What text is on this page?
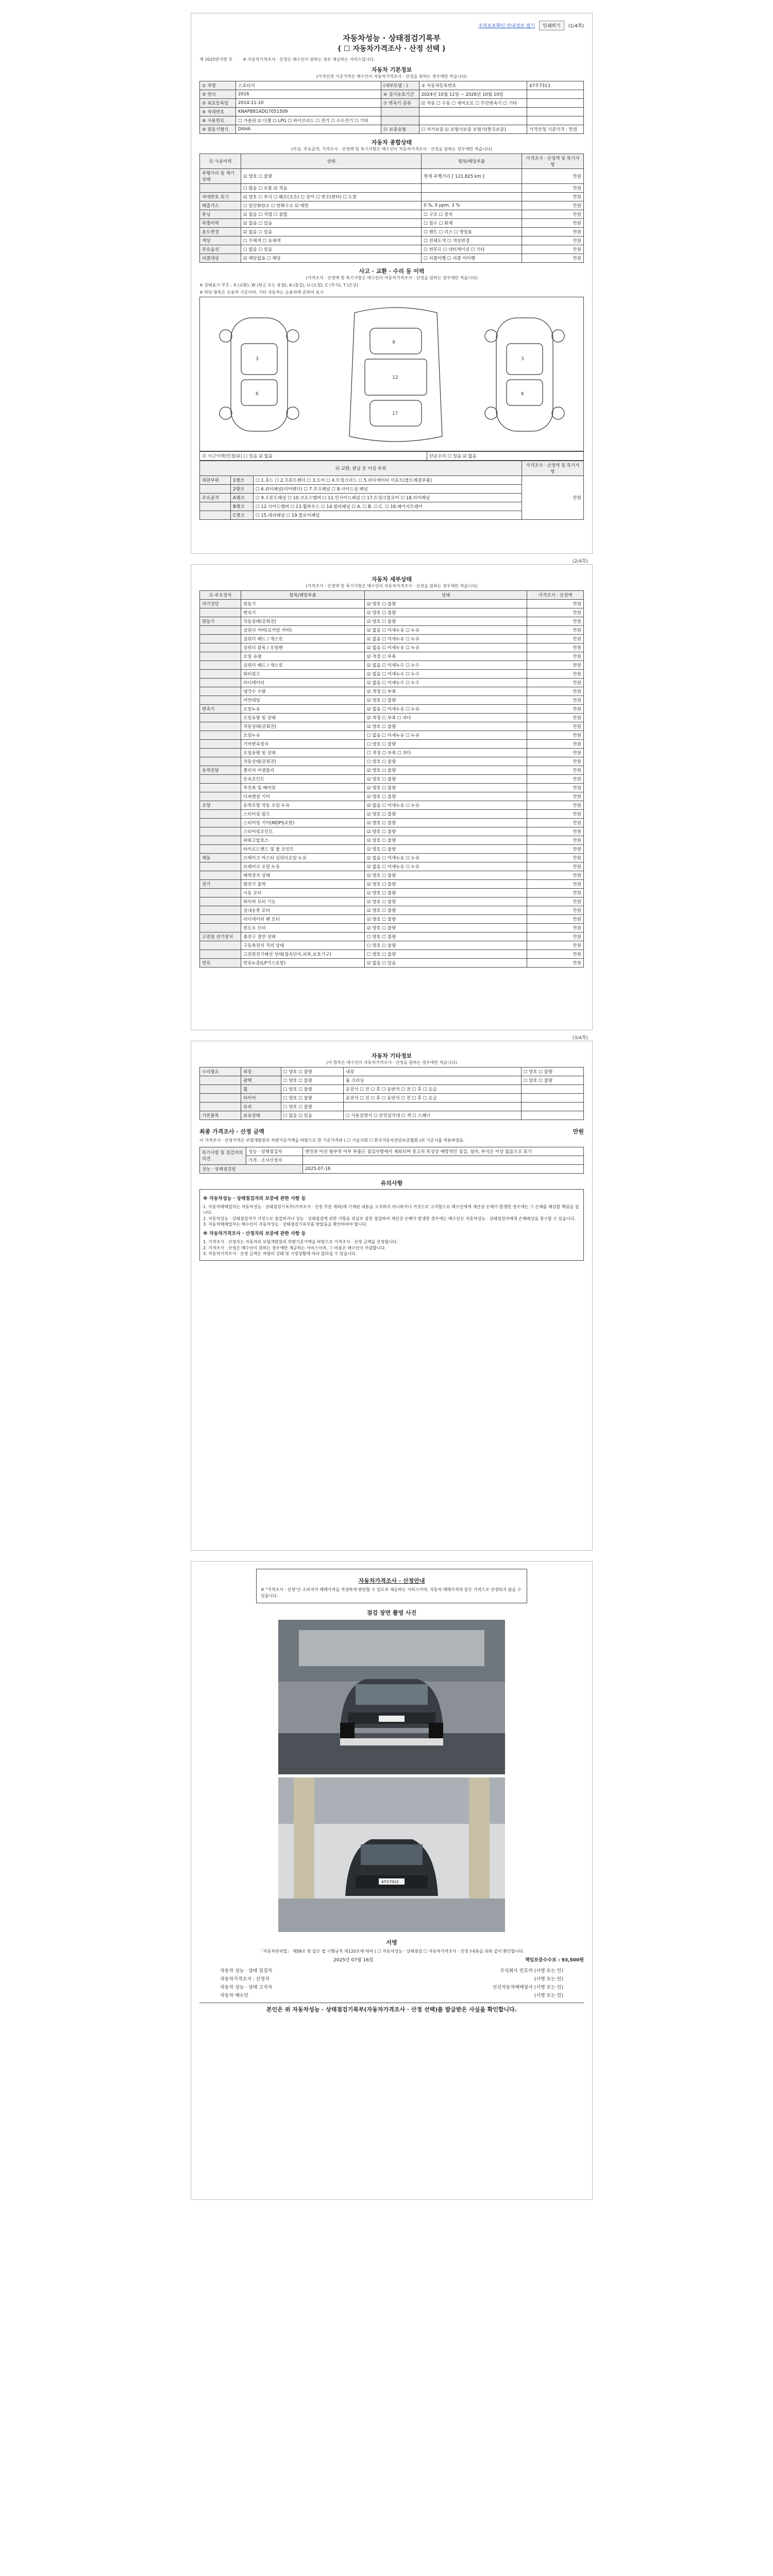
주의표표확인 안내정보 열기	인쇄하기	(1/4쪽)
자동차성능 · 상태점검기록부
( ☐ 자동차가격조사 · 산정 선택 )
제 2025번지번 호	※ 자동차가격조사 · 산정은 매수인이 원하는 경우 제공하는 서비스입니다.
자동차 기본정보
(가격산정 기준가격은 매수인이 자동차가격조사 · 산정을 원하는 경우에만 적습니다)
① 차명	스포티지	(세부모델 : )	② 자동차등록번호	47루7313
③ 연식	2016	④ 검사유효기간	2024년 10월 11일 ~ 2026년 10월 10일	
⑤ 최초등록일	2014-11-10	⑦ 변속기 종류	☑ 자동 ☐ 수동 ☐ 세미오토 ☐ 무단변속기 ☐ 기타	
⑥ 차대번호	KNAPB81ADG7051509			
⑧ 사용연료	☐ 가솔린 ☑ 디젤 ☐ LPG ☐ 하이브리드 ☐ 전기 ☐ 수소전기 ☐ 기타			
⑩ 원동기형식	D4HA	⑪ 보증유형	☐ 자가보증 ☑ 보험사보증 보험사(한국보증)	가격산정 기준가격 : 만원
자동차 종합상태
(부상, 주요골격, 가격조사 · 산정액 및 특기사항은 매수인이 자동차가격조사 · 산정을 원하는 경우에만 적습니다)
⑫ 사용이력	상태	항목/해당부품	가격조사 · 산정액 및 특기사항
주행거리 및 계기상태	☑ 양호 ☐ 불량	현재 주행거리 [ 121,825 km ]	만원
	☐ 많음 ☐ 보통 ☑ 적음		만원
차대번호 표기	☑ 양호 ☐ 부식 ☐ 훼손(오손) ☐ 상이 ☐ 변조(변타) ☐ 도말		만원
배출가스	☐ 일산화탄소 ☐ 탄화수소 ☑ 매연	0 %, 0 ppm, 3 %	만원
튜닝	☑ 없음 ☐ 적법 ☐ 불법	☐ 구조 ☐ 장치	만원
특별이력	☑ 없음 ☐ 있음	☐ 침수 ☐ 화재	만원
용도변경	☑ 없음 ☐ 있음	☐ 렌트 ☐ 리스 ☐ 영업용	만원
색상	☐ 무채색 ☐ 유채색	☐ 전체도색 ☐ 색상변경	만원
주요옵션	☐ 없음 ☐ 있음	☐ 썬루프 ☐ 네비게이션 ☐ 기타	만원
리콜대상	☑ 해당없음 ☐ 해당	☐ 리콜이행 ☐ 리콜 미이행	만원
사고 · 교환 · 수리 등 이력
(가격조사 · 산정액 및 특기사항은 매수인이 자동차가격조사 · 산정을 원하는 경우에만 적습니다)
※ 상태표시 부호 : X (교환), W (판금 또는 용접), A (흠집), U (요철), C (부식), T (손상)
※ 하단 항목은 승용차 기준이며, 기타 자동차는 승용차에 준하여 표시
3
6
9
12
17
3
6
⑬ 사고이력(인정/유) ☐ 있음 ☑ 없음	단순수리 ☐ 있음 ☑ 없음
⑭ 교환, 판금 등 이상 부위			가격조사 · 산정액 및 특기사항
외판부위	1랭크	☐ 1.후드 ☐ 2.프론트펜더 ☐ 3.도어 ☐ 4.트렁크리드 ☐ 5.라디에이터 서포트(볼트체결부품)	만원
	2랭크	☐ 6.쿼터패널(리어펜더) ☐ 7.루프패널 ☐ 8.사이드실 패널	
주요골격	A랭크	☐ 9.프론트패널 ☐ 10.크로스멤버 ☐ 11.인사이드패널 ☐ 17.트렁크플로어 ☐ 18.리어패널	
	B랭크	☐ 12.사이드멤버 ☐ 13.휠하우스 ☐ 14.필러패널 ☐ A. ☐ B. ☐ C. ☐ 16.패키지트레이	
	C랭크	☐ 15.대쉬패널 ☐ 19.플로어패널	
(2/4쪽)
자동차 세부상태
(가격조사 · 산정액 및 특기사항은 매수인이 자동차가격조사 · 산정을 원하는 경우에만 적습니다)
⑮ 주요장치	항목/해당부품	상태	가격조사 · 산정액
자기진단	원동기	☑ 양호 ☐ 불량	만원
	변속기	☑ 양호 ☐ 불량	만원
원동기	작동상태(공회전)	☑ 양호 ☐ 불량	만원
	실린더 커버(로커암 커버)	☑ 없음 ☐ 미세누유 ☐ 누유	만원
	실린더 헤드 / 개스킷	☑ 없음 ☐ 미세누유 ☐ 누유	만원
	실린더 블록 / 오일팬	☑ 없음 ☐ 미세누유 ☐ 누유	만원
	오일 유량	☑ 적정 ☐ 부족	만원
	실린더 헤드 / 개스킷	☑ 없음 ☐ 미세누수 ☐ 누수	만원
	워터펌프	☑ 없음 ☐ 미세누수 ☐ 누수	만원
	라디에이터	☑ 없음 ☐ 미세누수 ☐ 누수	만원
	냉각수 수량	☑ 적정 ☐ 부족	만원
	커먼레일	☑ 양호 ☐ 불량	만원
변속기	오일누유	☑ 없음 ☐ 미세누유 ☐ 누유	만원
	오일유량 및 상태	☑ 적정 ☐ 부족 ☐ 과다	만원
	작동상태(공회전)	☑ 양호 ☐ 불량	만원
	오일누유	☐ 없음 ☐ 미세누유 ☐ 누유	만원
	기어변속장치	☐ 양호 ☐ 불량	만원
	오일유량 및 상태	☐ 적정 ☐ 부족 ☐ 과다	만원
	작동상태(공회전)	☐ 양호 ☐ 불량	만원
동력전달	클러치 어셈블리	☑ 양호 ☐ 불량	만원
	등속조인트	☑ 양호 ☐ 불량	만원
	추진축 및 베어링	☑ 양호 ☐ 불량	만원
	디퍼렌셜 기어	☑ 양호 ☐ 불량	만원
조향	동력조향 작동 오일 누유	☑ 없음 ☐ 미세누유 ☐ 누유	만원
	스티어링 펌프	☑ 양호 ☐ 불량	만원
	스티어링 기어(MDPS포함)	☑ 양호 ☐ 불량	만원
	스티어링조인트	☑ 양호 ☐ 불량	만원
	파워고압호스	☑ 양호 ☐ 불량	만원
	타이로드엔드 및 볼 조인트	☑ 양호 ☐ 불량	만원
제동	브레이크 마스터 실린더오일 누유	☑ 없음 ☐ 미세누유 ☐ 누유	만원
	브레이크 오일 누유	☑ 없음 ☐ 미세누유 ☐ 누유	만원
	배력장치 상태	☑ 양호 ☐ 불량	만원
전기	발전기 출력	☑ 양호 ☐ 불량	만원
	시동 모터	☑ 양호 ☐ 불량	만원
	와이퍼 모터 기능	☑ 양호 ☐ 불량	만원
	실내송풍 모터	☑ 양호 ☐ 불량	만원
	라디에이터 팬 모터	☑ 양호 ☐ 불량	만원
	윈도우 모터	☑ 양호 ☐ 불량	만원
고전원 전기장치	충전구 절연 상태	☐ 양호 ☐ 불량	만원
	구동축전지 격리 상태	☐ 양호 ☐ 불량	만원
	고전원전기배선 상태(접속단자,피복,보호기구)	☐ 양호 ☐ 불량	만원
연료	연료누출(LP가스포함)	☑ 없음 ☐ 있음	만원
(3/4쪽)
자동차 기타정보
(이 항목은 매수인이 자동차가격조사 · 산정을 원하는 경우에만 적습니다)
수리필요	외장	☐ 양호 ☐ 불량	내장	☐ 양호 ☐ 불량
	광택	☐ 양호 ☐ 불량	룸 크리닝	☐ 양호 ☐ 불량
	휠	☐ 양호 ☐ 불량	운전석 ☐ 전 ☐ 후 ☐ 동반석 ☐ 전 ☐ 후 ☐ 응급	
	타이어	☐ 양호 ☐ 불량	운전석 ☐ 전 ☐ 후 ☐ 동반석 ☐ 전 ☐ 후 ☐ 응급	
	유리	☐ 양호 ☐ 불량		
기본품목	보유상태	☐ 없음 ☐ 있음	☐ 사용설명서 ☐ 안전삼각대 ☐ 잭 ☐ 스패너	
최종 가격조사 · 산정 금액	만원
이 가격조사 · 산정가격은 보험개발원의 차량기준가액을 바탕으로 한 기준가격과 ( ☐ 기술사회 ☐ 한국자동차진단보증협회 )의 기준서를 적용하였음.
특기사항 및 점검자의 의견	성능 · 상태점검자	엔진과 미션 탈부착 여부 부품은 점검사항에서 제외되며 중고차 특성상 예방적인 점검, 정비, 부식은 이상 없음으로 표기
	가격 · 조사산정자	
성능 · 상태점검일		2025-07-16
유의사항
※ 자동차성능 · 상태점검자의 보증에 관한 사항 등

1. 자동차매매업자는 자동차성능 · 상태점검기록부(가격조사 · 산정 부분 제외)에 기재된 내용을 고지하지 아니하거나 거짓으로 고지함으로 매수인에게 재산상 손해가 발생한 경우에는 그 손해를 배상할 책임을 집니다.

2. 자동차성능 · 상태점검자가 거짓으로 점검하거나 성능 · 상태점검에 관한 사항을 과실로 잘못 점검하여 재산상 손해가 발생한 경우에는 매수인은 자동차성능 · 상태점검자에게 손해배상을 청구할 수 있습니다.

3. 자동차매매업자는 매수인이 자동차성능 · 상태점검기록부를 받았음을 확인하여야 합니다.

※ 자동차가격조사 · 산정자의 보증에 관한 사항 등

1. 가격조사 · 산정자는 자동차의 보험개발원의 차량기준가액을 바탕으로 가격조사 · 산정 금액을 산정합니다.

2. 가격조사 · 산정은 매수인이 원하는 경우에만 제공하는 서비스이며, 그 비용은 매수인이 부담합니다.

3. 자동차가격조사 · 산정 금액은 차량의 상태 및 시장상황에 따라 달라질 수 있습니다.

자동차가격조사 · 산정안내
※ "가격조사 · 산정"은 소비자가 매매가격을 적정하게 판단할 수 있도록 제공하는 서비스이며, 자동차 매매가격과 같은 가격으로 산정되지 않을 수 있습니다.
점검 장면 촬영 사진
47루7313
서명
「자동차관리법」 제58조 및 같은 법 시행규칙 제120조에 따라 ( ☐ 자동차성능 · 상태점검 ☐ 자동차가격조사 · 산정 )내용을 위와 같이 확인합니다.
2025년 07월 16일	책임보증수수료 : 93,500원
자동차 성능 · 상태 점검자	주식회사 민호카 (서명 또는 인)
자동차가격조사 · 산정자	(서명 또는 인)
자동차 성능 · 상태 고지자	선진자동차매매상사 (서명 또는 인)
자동차 매수인	(서명 또는 인)
본인은 위 자동차성능 · 상태점검기록부(자동차가격조사 · 산정 선택)를 발급받은 사실을 확인합니다.
